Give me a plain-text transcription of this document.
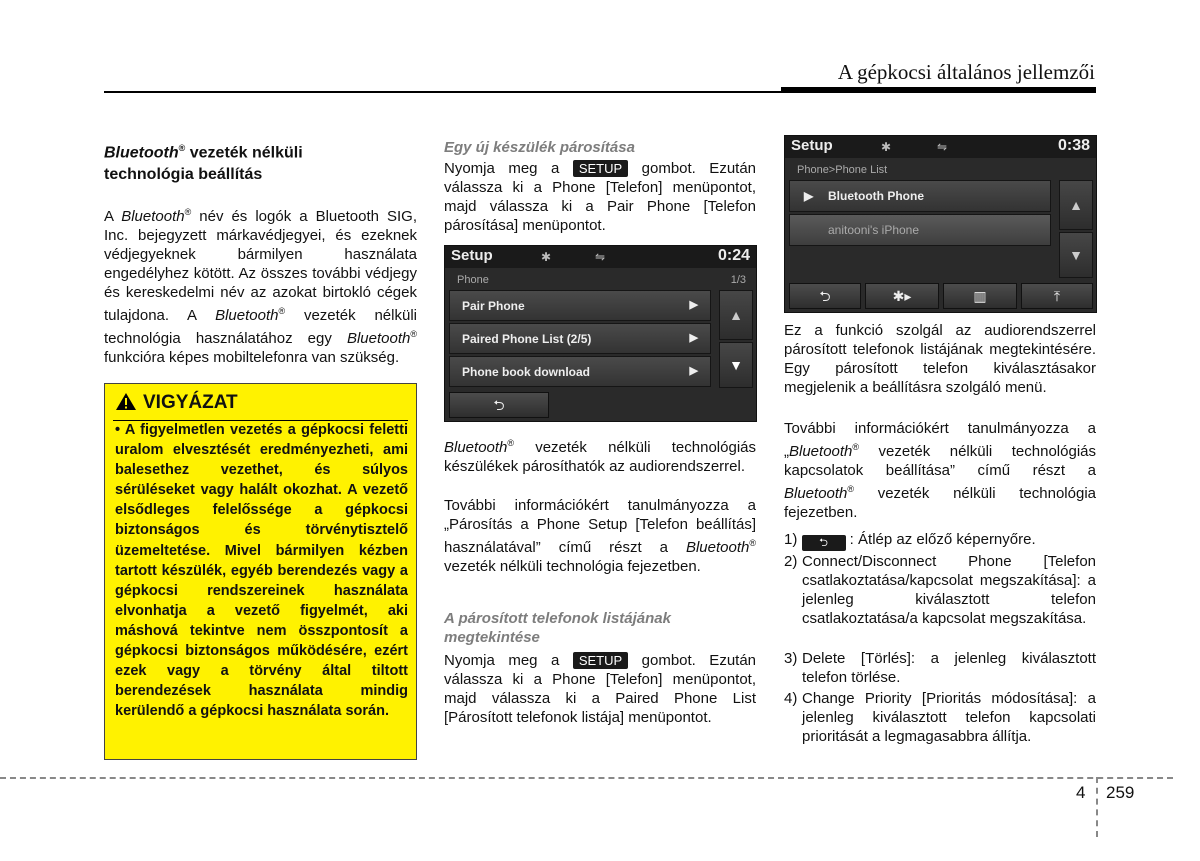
A gépkocsi általános jellemzői
Bluetooth® vezeték nélküli
technológia beállítás
A Bluetooth® név és logók a Bluetooth SIG, Inc. bejegyzett márkavédjegyei, és ezeknek védjegyeknek bármilyen használata engedélyhez kötött. Az összes további védjegy és kereskedelmi név az azokat birtokló cégek tulajdona. A Bluetooth® vezeték nélküli technológia használatához egy Bluetooth® funkcióra képes mobiltelefonra van szükség.
VIGYÁZAT
• A figyelmetlen vezetés a gépkocsi feletti uralom elvesztését eredményezheti, ami balesethez vezethet, és súlyos sérüléseket vagy halált okozhat. A vezető elsődleges felelőssége a gépkocsi biztonságos és törvénytisztelő üzemeltetése. Mivel bármilyen kézben tartott készülék, egyéb berendezés vagy a gépkocsi rendszereinek használata elvonhatja a vezető figyelmét, aki máshová tekintve nem összpontosít a gépkocsi biztonságos működésére, ezért ezek vagy a törvény által tiltott berendezések használata mindig kerülendő a gépkocsi használata során.
Egy új készülék párosítása
Nyomja meg a SETUP gombot. Ezután válassza ki a Phone [Telefon] menüpontot, majd válassza ki a Pair Phone [Telefon párosítása] menüpontot.
Setup	✱	⇋	0:24
Phone	1/3
Pair Phone	▶
Paired Phone List (2/5)	▶
Phone book download	▶
▲
▼
⮌
Bluetooth® vezeték nélküli technológiás készülékek párosíthatók az audiorendszerrel.
További információkért tanulmányozza a „Párosítás a Phone Setup [Telefon beállítás] használatával” című részt a Bluetooth® vezeték nélküli technológia fejezetben.
A párosított telefonok listájának megtekintése
Nyomja meg a SETUP gombot. Ezután válassza ki a Phone [Telefon] menüpontot, majd válassza ki a Paired Phone List [Párosított telefonok listája] menüpontot.
Setup	✱	⇋	0:38
Phone>Phone List
▶ Bluetooth Phone
anitooni's iPhone
▲
▼
⮌	✱▸	▥	⤒
Ez a funkció szolgál az audiorendszerrel párosított telefonok listájának megtekintésére. Egy párosított telefon kiválasztásakor megjelenik a beállításra szolgáló menü.
További információkért tanulmányozza a „Bluetooth® vezeték nélküli technológiás kapcsolatok beállítása” című részt a Bluetooth® vezeték nélküli technológia fejezetben.
1) ⮌ : Átlép az előző képernyőre.
2) Connect/Disconnect Phone [Telefon csatlakoztatása/kapcsolat megszakítása]: a jelenleg kiválasztott telefon csatlakoztatása/a kapcsolat megszakítása.
3) Delete [Törlés]: a jelenleg kiválasztott telefon törlése.
4) Change Priority [Prioritás módosítása]: a jelenleg kiválasztott telefon kapcsolati prioritását a legmagasabbra állítja.
4 259
